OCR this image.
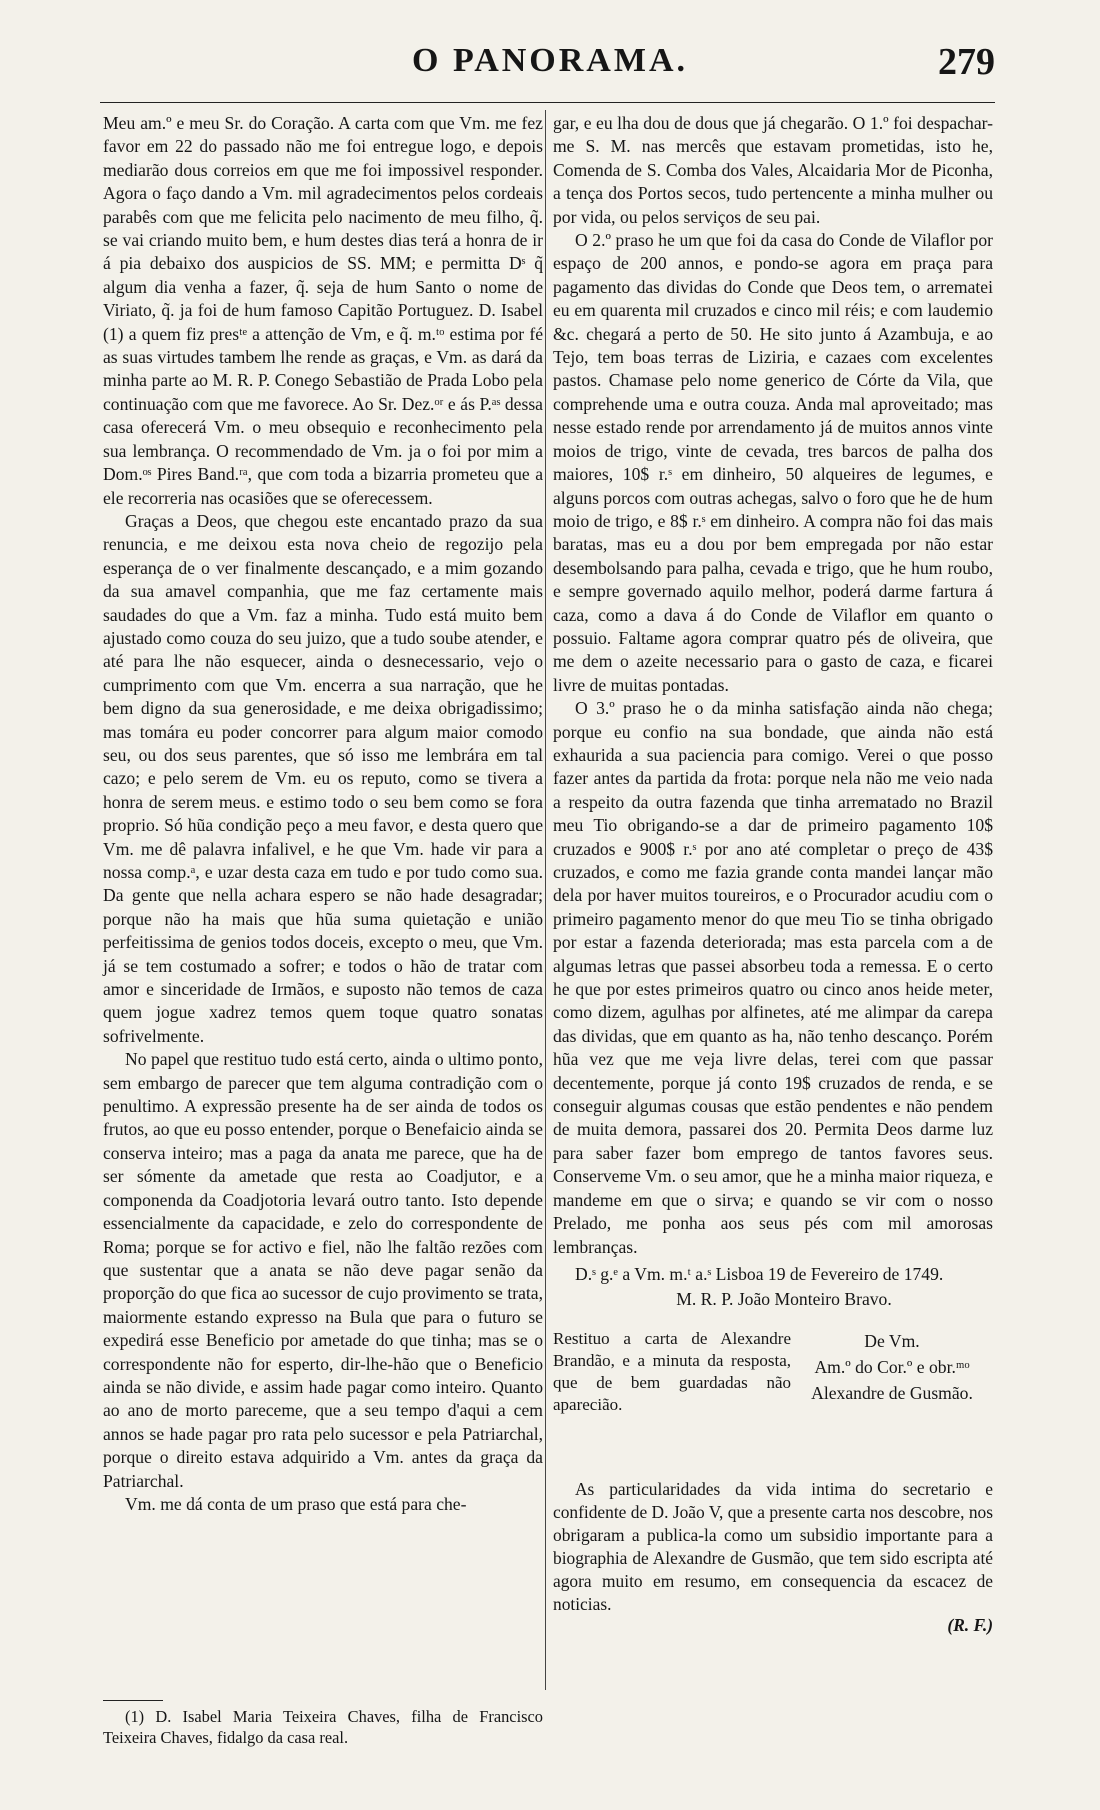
O PANORAMA.	279

Meu am.º e meu Sr. do Coração. A carta com que Vm. me fez favor em 22 do passado não me foi entregue logo, e depois mediarão dous correios em que me foi impossivel responder. Agora o faço dando a Vm. mil agradecimentos pelos cordeais parabês com que me felicita pelo nacimento de meu filho, q̃. se vai criando muito bem, e hum destes dias terá a honra de ir á pia debaixo dos auspicios de SS. MM; e permitta Dˢ q̃ algum dia venha a fazer, q̃. seja de hum Santo o nome de Viriato, q̃. ja foi de hum famoso Capitão Portuguez. D. Isabel (1) a quem fiz presᵗᵉ a attenção de Vm, e q̃. m.ᵗᵒ estima por fé as suas virtudes tambem lhe rende as graças, e Vm. as dará da minha parte ao M. R. P. Conego Sebastião de Prada Lobo pela continuação com que me favorece. Ao Sr. Dez.ᵒʳ e ás P.ᵃˢ dessa casa oferecerá Vm. o meu obsequio e reconhecimento pela sua lembrança. O recommendado de Vm. ja o foi por mim a Dom.ᵒˢ Pires Band.ʳᵃ, que com toda a bizarria prometeu que a ele recorreria nas ocasiões que se oferecessem.

Graças a Deos, que chegou este encantado prazo da sua renuncia, e me deixou esta nova cheio de regozijo pela esperança de o ver finalmente descançado, e a mim gozando da sua amavel companhia, que me faz certamente mais saudades do que a Vm. faz a minha. Tudo está muito bem ajustado como couza do seu juizo, que a tudo soube atender, e até para lhe não esquecer, ainda o desnecessario, vejo o cumprimento com que Vm. encerra a sua narração, que he bem digno da sua generosidade, e me deixa obrigadissimo; mas tomára eu poder concorrer para algum maior comodo seu, ou dos seus parentes, que só isso me lembrára em tal cazo; e pelo serem de Vm. eu os reputo, como se tivera a honra de serem meus. e estimo todo o seu bem como se fora proprio. Só hũa condição peço a meu favor, e desta quero que Vm. me dê palavra infalivel, e he que Vm. hade vir para a nossa comp.ᵃ, e uzar desta caza em tudo e por tudo como sua. Da gente que nella achara espero se não hade desagradar; porque não ha mais que hũa suma quietação e união perfeitissima de genios todos doceis, excepto o meu, que Vm. já se tem costumado a sofrer; e todos o hão de tratar com amor e sinceridade de Irmãos, e suposto não temos de caza quem jogue xadrez temos quem toque quatro sonatas sofrivelmente.

No papel que restituo tudo está certo, ainda o ultimo ponto, sem embargo de parecer que tem alguma contradição com o penultimo. A expressão presente ha de ser ainda de todos os frutos, ao que eu posso entender, porque o Benefaicio ainda se conserva inteiro; mas a paga da anata me parece, que ha de ser sómente da ametade que resta ao Coadjutor, e a componenda da Coadjotoria levará outro tanto. Isto depende essencialmente da capacidade, e zelo do correspondente de Roma; porque se for activo e fiel, não lhe faltão rezões com que sustentar que a anata se não deve pagar senão da proporção do que fica ao sucessor de cujo provimento se trata, maiormente estando expresso na Bula que para o futuro se expedirá esse Beneficio por ametade do que tinha; mas se o correspondente não for esperto, dir-lhe-hão que o Beneficio ainda se não divide, e assim hade pagar como inteiro. Quanto ao ano de morto pareceme, que a seu tempo d'aqui a cem annos se hade pagar pro rata pelo sucessor e pela Patriarchal, porque o direito estava adquirido a Vm. antes da graça da Patriarchal.

Vm. me dá conta de um praso que está para che-

(1) D. Isabel Maria Teixeira Chaves, filha de Francisco Teixeira Chaves, fidalgo da casa real.

gar, e eu lha dou de dous que já chegarão. O 1.º foi despachar-me S. M. nas mercês que estavam prometidas, isto he, Comenda de S. Comba dos Vales, Alcaidaria Mor de Piconha, a tença dos Portos secos, tudo pertencente a minha mulher ou por vida, ou pelos serviços de seu pai.

O 2.º praso he um que foi da casa do Conde de Vilaflor por espaço de 200 annos, e pondo-se agora em praça para pagamento das dividas do Conde que Deos tem, o arrematei eu em quarenta mil cruzados e cinco mil réis; e com laudemio &c. chegará a perto de 50. He sito junto á Azambuja, e ao Tejo, tem boas terras de Liziria, e cazaes com excelentes pastos. Chamase pelo nome generico de Córte da Vila, que comprehende uma e outra couza. Anda mal aproveitado; mas nesse estado rende por arrendamento já de muitos annos vinte moios de trigo, vinte de cevada, tres barcos de palha dos maiores, 10$ r.ˢ em dinheiro, 50 alqueires de legumes, e alguns porcos com outras achegas, salvo o foro que he de hum moio de trigo, e 8$ r.ˢ em dinheiro. A compra não foi das mais baratas, mas eu a dou por bem empregada por não estar desembolsando para palha, cevada e trigo, que he hum roubo, e sempre governado aquilo melhor, poderá darme fartura á caza, como a dava á do Conde de Vilaflor em quanto o possuio. Faltame agora comprar quatro pés de oliveira, que me dem o azeite necessario para o gasto de caza, e ficarei livre de muitas pontadas.

O 3.º praso he o da minha satisfação ainda não chega; porque eu confio na sua bondade, que ainda não está exhaurida a sua paciencia para comigo. Verei o que posso fazer antes da partida da frota: porque nela não me veio nada a respeito da outra fazenda que tinha arrematado no Brazil meu Tio obrigando-se a dar de primeiro pagamento 10$ cruzados e 900$ r.ˢ por ano até completar o preço de 43$ cruzados, e como me fazia grande conta mandei lançar mão dela por haver muitos toureiros, e o Procurador acudiu com o primeiro pagamento menor do que meu Tio se tinha obrigado por estar a fazenda deteriorada; mas esta parcela com a de algumas letras que passei absorbeu toda a remessa. E o certo he que por estes primeiros quatro ou cinco anos heide meter, como dizem, agulhas por alfinetes, até me alimpar da carepa das dividas, que em quanto as ha, não tenho descanço. Porém hũa vez que me veja livre delas, terei com que passar decentemente, porque já conto 19$ cruzados de renda, e se conseguir algumas cousas que estão pendentes e não pendem de muita demora, passarei dos 20. Permita Deos darme luz para saber fazer bom emprego de tantos favores seus. Conserveme Vm. o seu amor, que he a minha maior riqueza, e mandeme em que o sirva; e quando se vir com o nosso Prelado, me ponha aos seus pés com mil amorosas lembranças.

D.ˢ g.ᵉ a Vm. m.ᵗ a.ˢ Lisboa 19 de Fevereiro de 1749.

M. R. P. João Monteiro Bravo.

Restituo a carta de Alexandre Brandão, e a minuta da resposta, que de bem guardadas não aparecião.
De Vm.
Am.º do Cor.º e obr.ᵐᵒ
Alexandre de Gusmão.

As particularidades da vida intima do secretario e confidente de D. João V, que a presente carta nos descobre, nos obrigaram a publica-la como um subsidio importante para a biographia de Alexandre de Gusmão, que tem sido escripta até agora muito em resumo, em consequencia da escacez de noticias.

(R. F.)
